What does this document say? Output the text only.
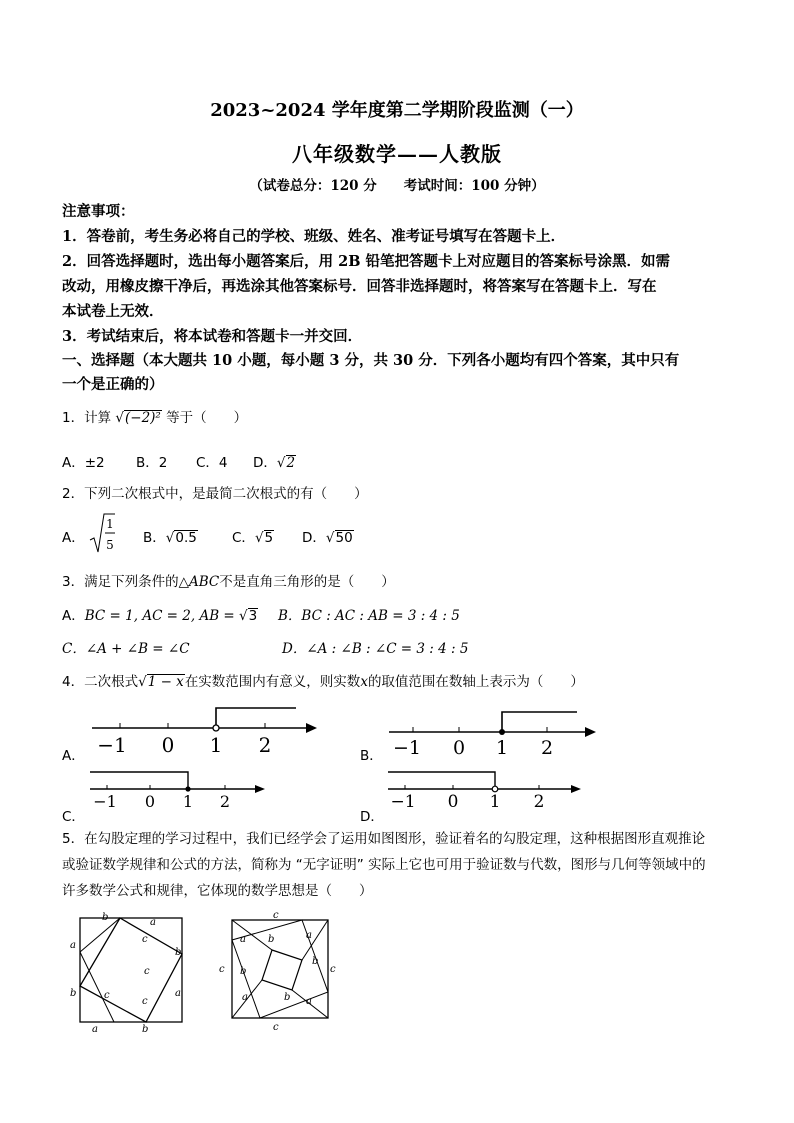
2023~2024 学年度第二学期阶段监测（一）
八年级数学——人教版
（试卷总分：120 分　　考试时间：100 分钟）
注意事项：
1．答卷前，考生务必将自己的学校、班级、姓名、准考证号填写在答题卡上．
2．回答选择题时，选出每小题答案后，用 2B 铅笔把答题卡上对应题目的答案标号涂黑．如需
改动，用橡皮擦干净后，再选涂其他答案标号．回答非选择题时，将答案写在答题卡上．写在
本试卷上无效．
3．考试结束后，将本试卷和答题卡一并交回．
一、选择题（本大题共 10 小题，每小题 3 分，共 30 分．下列各小题均有四个答案，其中只有
一个是正确的）
1．计算 √(−2)² 等于（　　）
A．±2 B．2 C．4 D．√2
2．下列二次根式中，是最简二次根式的有（　　）
A．
1
5 B．√0.5	C．√5 D．√50
3．满足下列条件的△ABC不是直角三角形的是（　　）
A．BC = 1, AC = 2, AB = √3 B．BC : AC : AB = 3 : 4 : 5
C．∠A + ∠B = ∠C	D．∠A : ∠B : ∠C = 3 : 4 : 5
4．二次根式√1 − x在实数范围内有意义，则实数x的取值范围在数轴上表示为（　　）
A． −1 0 1 2	B． −1 0 1 2
C．
−1 0 1 2
D．
−1 0 1 2
5．在勾股定理的学习过程中，我们已经学会了运用如图图形，验证着名的勾股定理，这种根据图形直观推论
或验证数学规律和公式的方法，简称为 “无字证明” 实际上它也可用于验证数与代数，图形与几何等领域中的
许多数学公式和规律，它体现的数学思想是（　　）
b	a
a
b
b
a
a	b
c
c
c
c
c
c	c
c
a b	a
b
b
a	b a
